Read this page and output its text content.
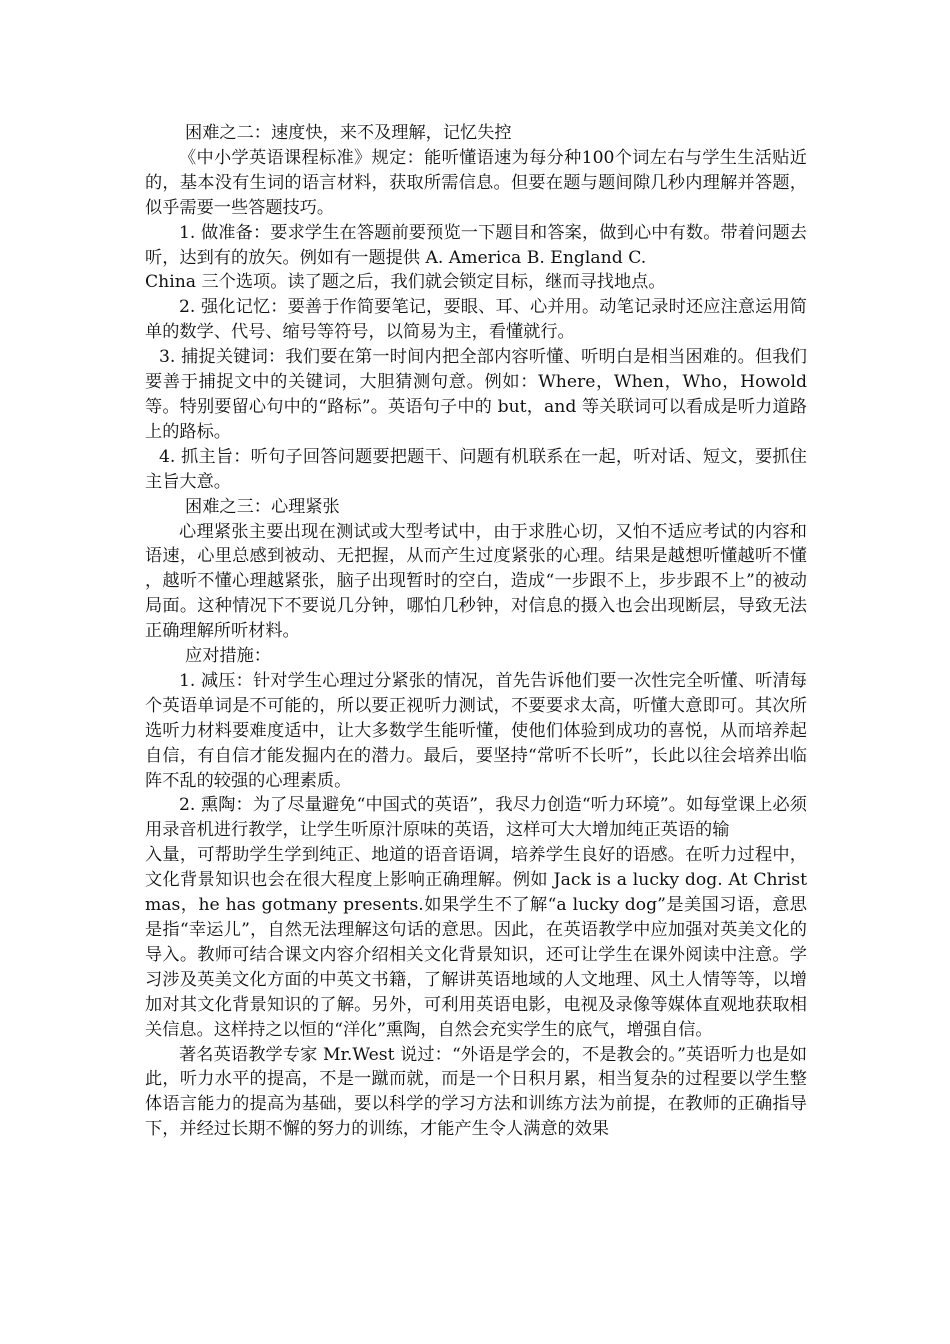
困难之二：速度快，来不及理解，记忆失控

《中小学英语课程标准》规定：能听懂语速为每分种100个词左右与学生生活贴近的，基本没有生词的语言材料，获取所需信息。但要在题与题间隙几秒内理解并答题，似乎需要一些答题技巧。

1. 做准备：要求学生在答题前要预览一下题目和答案，做到心中有数。带着问题去听，达到有的放矢。例如有一题提供 A. America B. England C.

China 三个选项。读了题之后，我们就会锁定目标，继而寻找地点。

2. 强化记忆：要善于作简要笔记，要眼、耳、心并用。动笔记录时还应注意运用简单的数学、代号、缩号等符号，以简易为主，看懂就行。

3. 捕捉关键词：我们要在第一时间内把全部内容听懂、听明白是相当困难的。但我们要善于捕捉文中的关键词，大胆猜测句意。例如：Where，When，Who，Howold 等。特别要留心句中的“路标”。英语句子中的 but，and 等关联词可以看成是听力道路上的路标。

4. 抓主旨：听句子回答问题要把题干、问题有机联系在一起，听对话、短文，要抓住主旨大意。

困难之三：心理紧张

心理紧张主要出现在测试或大型考试中，由于求胜心切，又怕不适应考试的内容和语速，心里总感到被动、无把握，从而产生过度紧张的心理。结果是越想听懂越听不懂，越听不懂心理越紧张，脑子出现暂时的空白，造成“一步跟不上，步步跟不上”的被动局面。这种情况下不要说几分钟，哪怕几秒钟，对信息的摄入也会出现断层，导致无法正确理解所听材料。

应对措施：

1. 减压：针对学生心理过分紧张的情况，首先告诉他们要一次性完全听懂、听清每个英语单词是不可能的，所以要正视听力测试，不要要求太高，听懂大意即可。其次所选听力材料要难度适中，让大多数学生能听懂，使他们体验到成功的喜悦，从而培养起自信，有自信才能发掘内在的潜力。最后，要坚持“常听不长听”，长此以往会培养出临阵不乱的较强的心理素质。

2. 熏陶：为了尽量避免“中国式的英语”，我尽力创造“听力环境”。如每堂课上必须用录音机进行教学，让学生听原汁原味的英语，这样可大大增加纯正英语的输

入量，可帮助学生学到纯正、地道的语音语调，培养学生良好的语感。在听力过程中， 文化背景知识也会在很大程度上影响正确理解。例如 Jack is a lucky dog. At Christmas，he has gotmany presents.如果学生不了解“a lucky dog”是美国习语，意思是指“幸运儿”，自然无法理解这句话的意思。因此，在英语教学中应加强对英美文化的导入。教师可结合课文内容介绍相关文化背景知识，还可让学生在课外阅读中注意。学习涉及英美文化方面的中英文书籍，了解讲英语地域的人文地理、风土人情等等，以增加对其文化背景知识的了解。另外，可利用英语电影，电视及录像等媒体直观地获取相关信息。这样持之以恒的“洋化”熏陶，自然会充实学生的底气，增强自信。

著名英语教学专家 Mr.West 说过：“外语是学会的，不是教会的。”英语听力也是如此，听力水平的提高，不是一蹴而就，而是一个日积月累，相当复杂的过程要以学生整体语言能力的提高为基础，要以科学的学习方法和训练方法为前提，在教师的正确指导下，并经过长期不懈的努力的训练，才能产生令人满意的效果
